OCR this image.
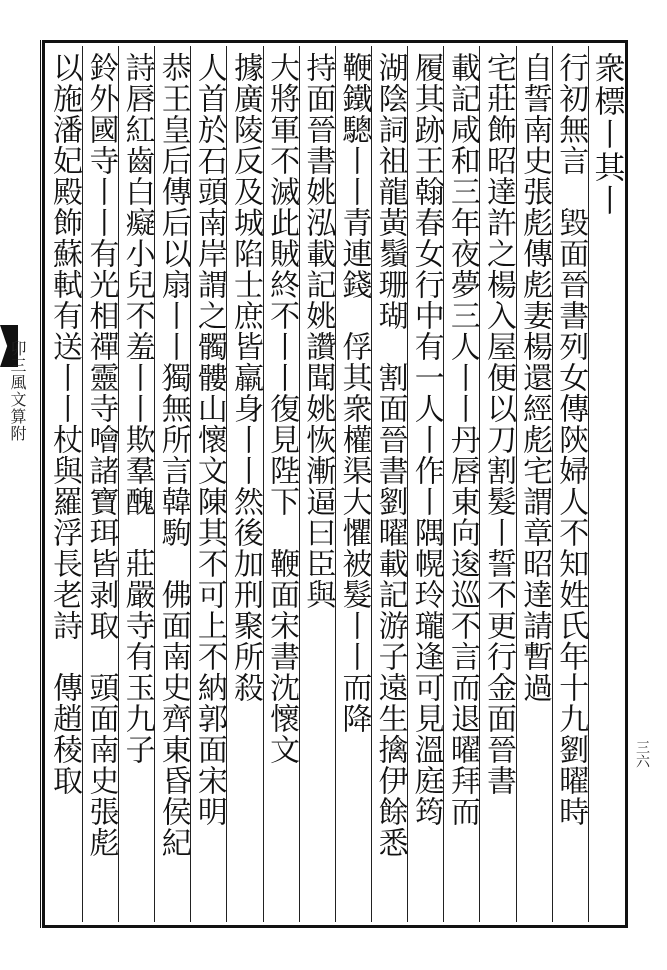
卯三風文算附
衆標丨其丨
行初無言　毀面晉書列女傳陝婦人不知姓氏年十九劉曜時
自誓南史張彪傳彪妻楊還經彪宅謂章昭達請暫過
宅莊飾昭達許之楊入屋便以刀割髮丨誓不更行金面晉書
載記咸和三年夜夢三人丨丨丹唇東向逡巡不言而退曜拜而
履其跡王翰春女行中有一人丨作丨隅幌玲瓏逢可見溫庭筠
湖陰詞祖龍黃鬚珊瑚　割面晉書劉曜載記游子遠生擒伊餘悉
鞭鐵驄丨丨青連錢　俘其衆權渠大懼被髮丨丨而降
持面晉書姚泓載記姚讚聞姚恢漸逼曰臣與
大將軍不滅此賊終不丨丨復見陛下　鞭面宋書沈懷文
據廣陵反及城陷士庶皆羸身丨丨然後加刑聚所殺
人首於石頭南岸謂之髑髏山懷文陳其不可上不納郭面宋明
恭王皇后傳后以扇丨丨獨無所言韓駒　佛面南史齊東昏侯紀
詩唇紅齒白癡小兒不羞丨丨欺羣醜　莊嚴寺有玉九子
鈴外國寺丨丨有光相禪靈寺噲諸寶珥皆剥取　頭面南史張彪
以施潘妃殿飾蘇軾有送丨丨杖與羅浮長老詩　傳趙稜取	三六
